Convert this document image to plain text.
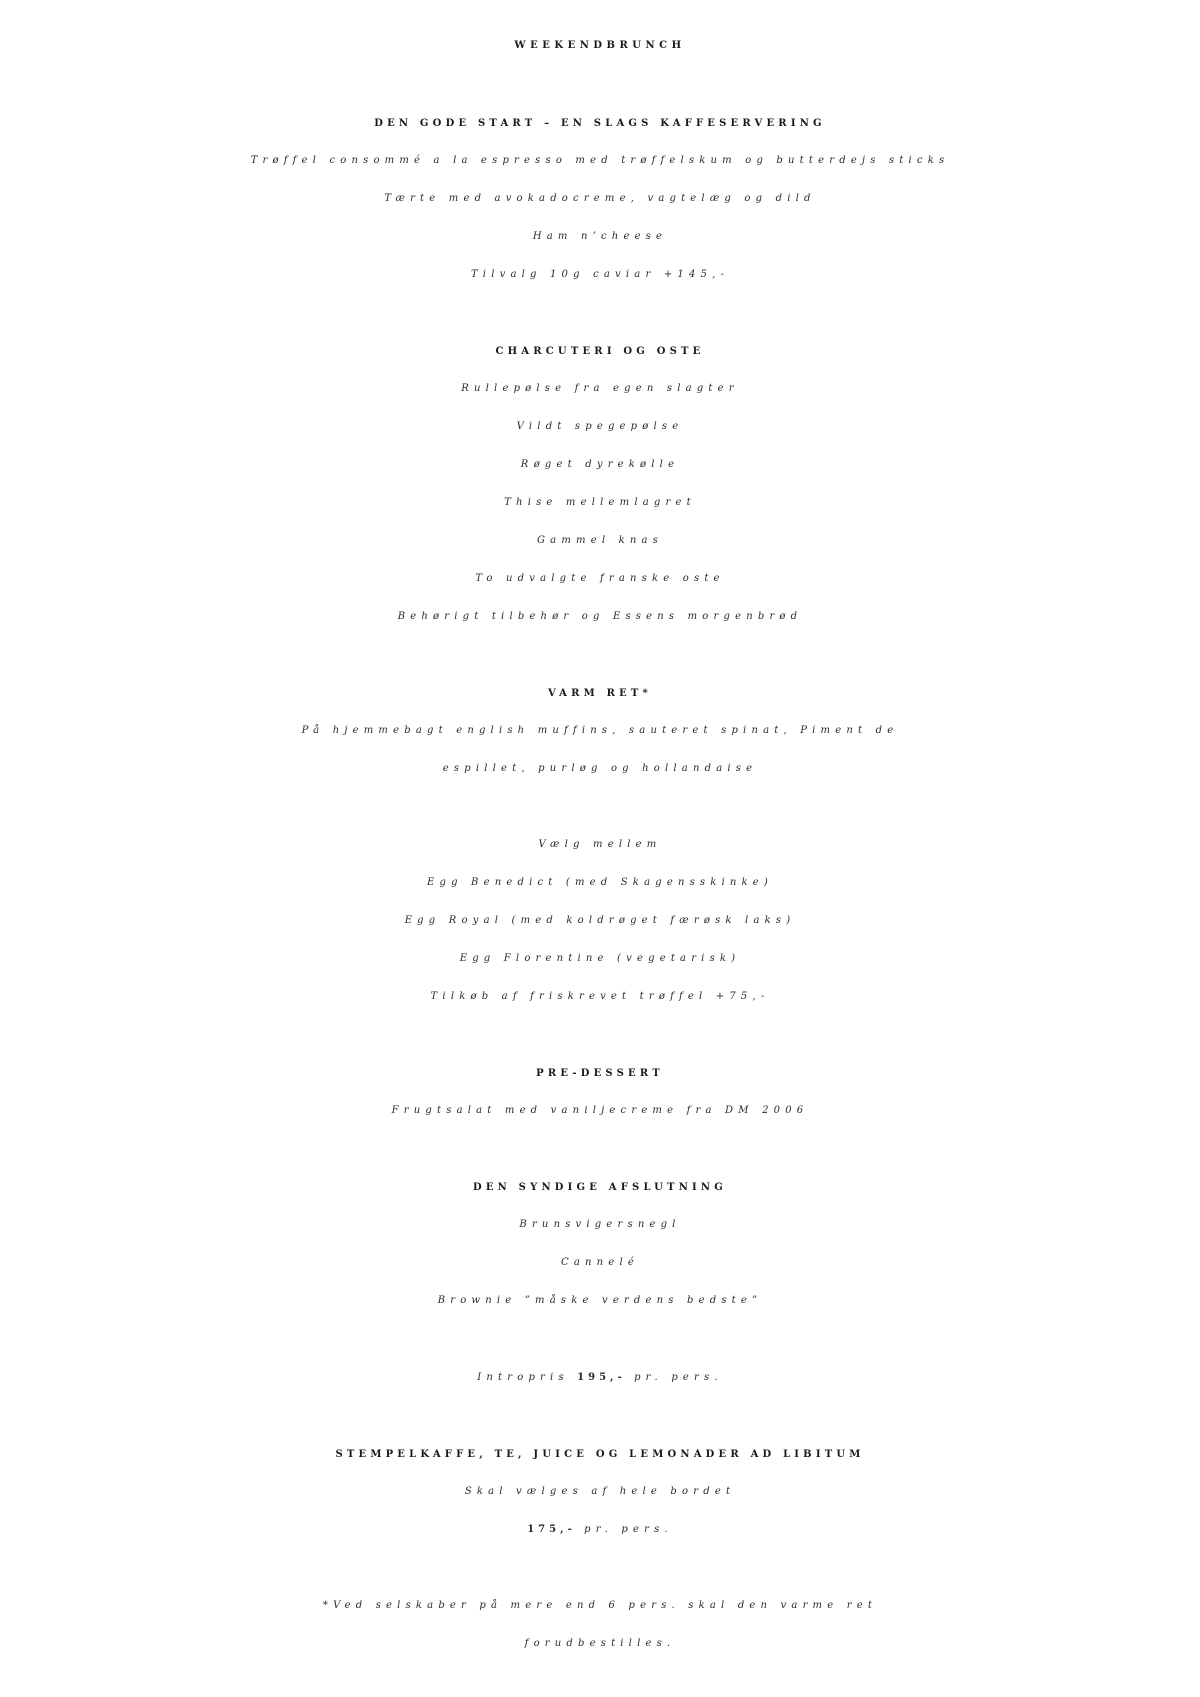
WEEKENDBRUNCH
DEN GODE START – EN SLAGS KAFFESERVERING
Trøffel consommé a la espresso med trøffelskum og butterdejs sticks
Tærte med avokadocreme, vagtelæg og dild
Ham n’cheese
Tilvalg 10g caviar +145,-
CHARCUTERI OG OSTE
Rullepølse fra egen slagter
Vildt spegepølse
Røget dyrekølle
Thise mellemlagret
Gammel knas
To udvalgte franske oste
Behørigt tilbehør og Essens morgenbrød
VARM RET*
På hjemmebagt english muffins, sauteret spinat, Piment de
espillet, purløg og hollandaise
Vælg mellem
Egg Benedict (med Skagensskinke)
Egg Royal (med koldrøget færøsk laks)
Egg Florentine (vegetarisk)
Tilkøb af friskrevet trøffel +75,-
PRE-DESSERT
Frugtsalat med vaniljecreme fra DM 2006
DEN SYNDIGE AFSLUTNING
Brunsvigersnegl
Cannelé
Brownie ”måske verdens bedste”
Intropris 195,- pr. pers.
STEMPELKAFFE, TE, JUICE OG LEMONADER AD LIBITUM
Skal vælges af hele bordet
175,- pr. pers.
*Ved selskaber på mere end 6 pers. skal den varme ret
forudbestilles.
